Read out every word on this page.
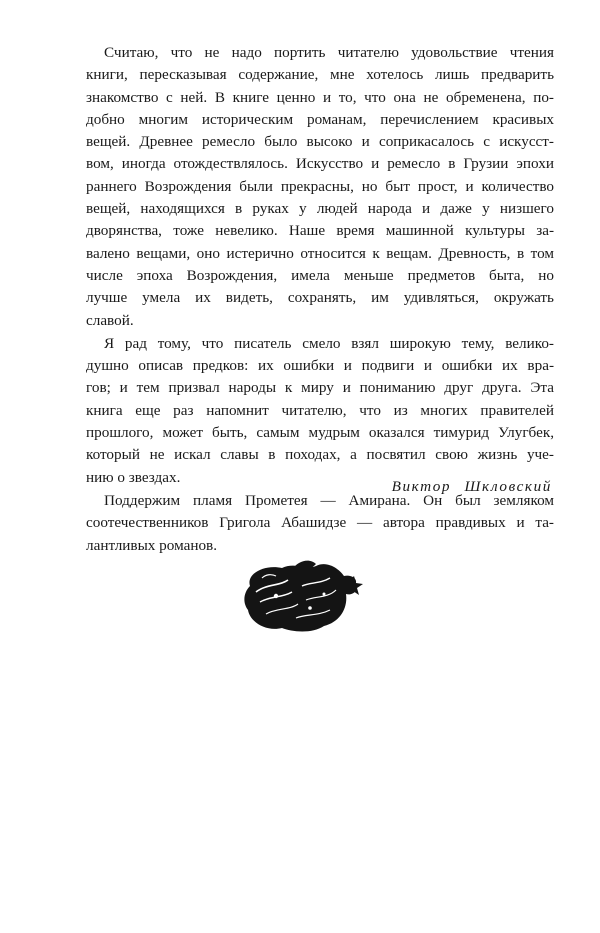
Считаю, что не надо портить читателю удовольствие чтения
книги, пересказывая содержание, мне хотелось лишь предварить
знакомство с ней. В книге ценно и то, что она не обременена, по-
добно многим историческим романам, перечислением красивых
вещей. Древнее ремесло было высоко и соприкасалось с искусст-
вом, иногда отождествлялось. Искусство и ремесло в Грузии эпохи
раннего Возрождения были прекрасны, но быт прост, и количество
вещей, находящихся в руках у людей народа и даже у низшего
дворянства, тоже невелико. Наше время машинной культуры за-
валено вещами, оно истерично относится к вещам. Древность, в том
числе эпоха Возрождения, имела меньше предметов быта, но
лучше умела их видеть, сохранять, им удивляться, окружать
славой.
Я рад тому, что писатель смело взял широкую тему, велико-
душно описав предков: их ошибки и подвиги и ошибки их вра-
гов; и тем призвал народы к миру и пониманию друг друга. Эта
книга еще раз напомнит читателю, что из многих правителей
прошлого, может быть, самым мудрым оказался тимурид Улугбек,
который не искал славы в походах, а посвятил свою жизнь уче-
нию о звездах.
Поддержим пламя Прометея — Амирана. Он был земляком
соотечественников Григола Абашидзе — автора правдивых и та-
лантливых романов.
Виктор Шкловский
